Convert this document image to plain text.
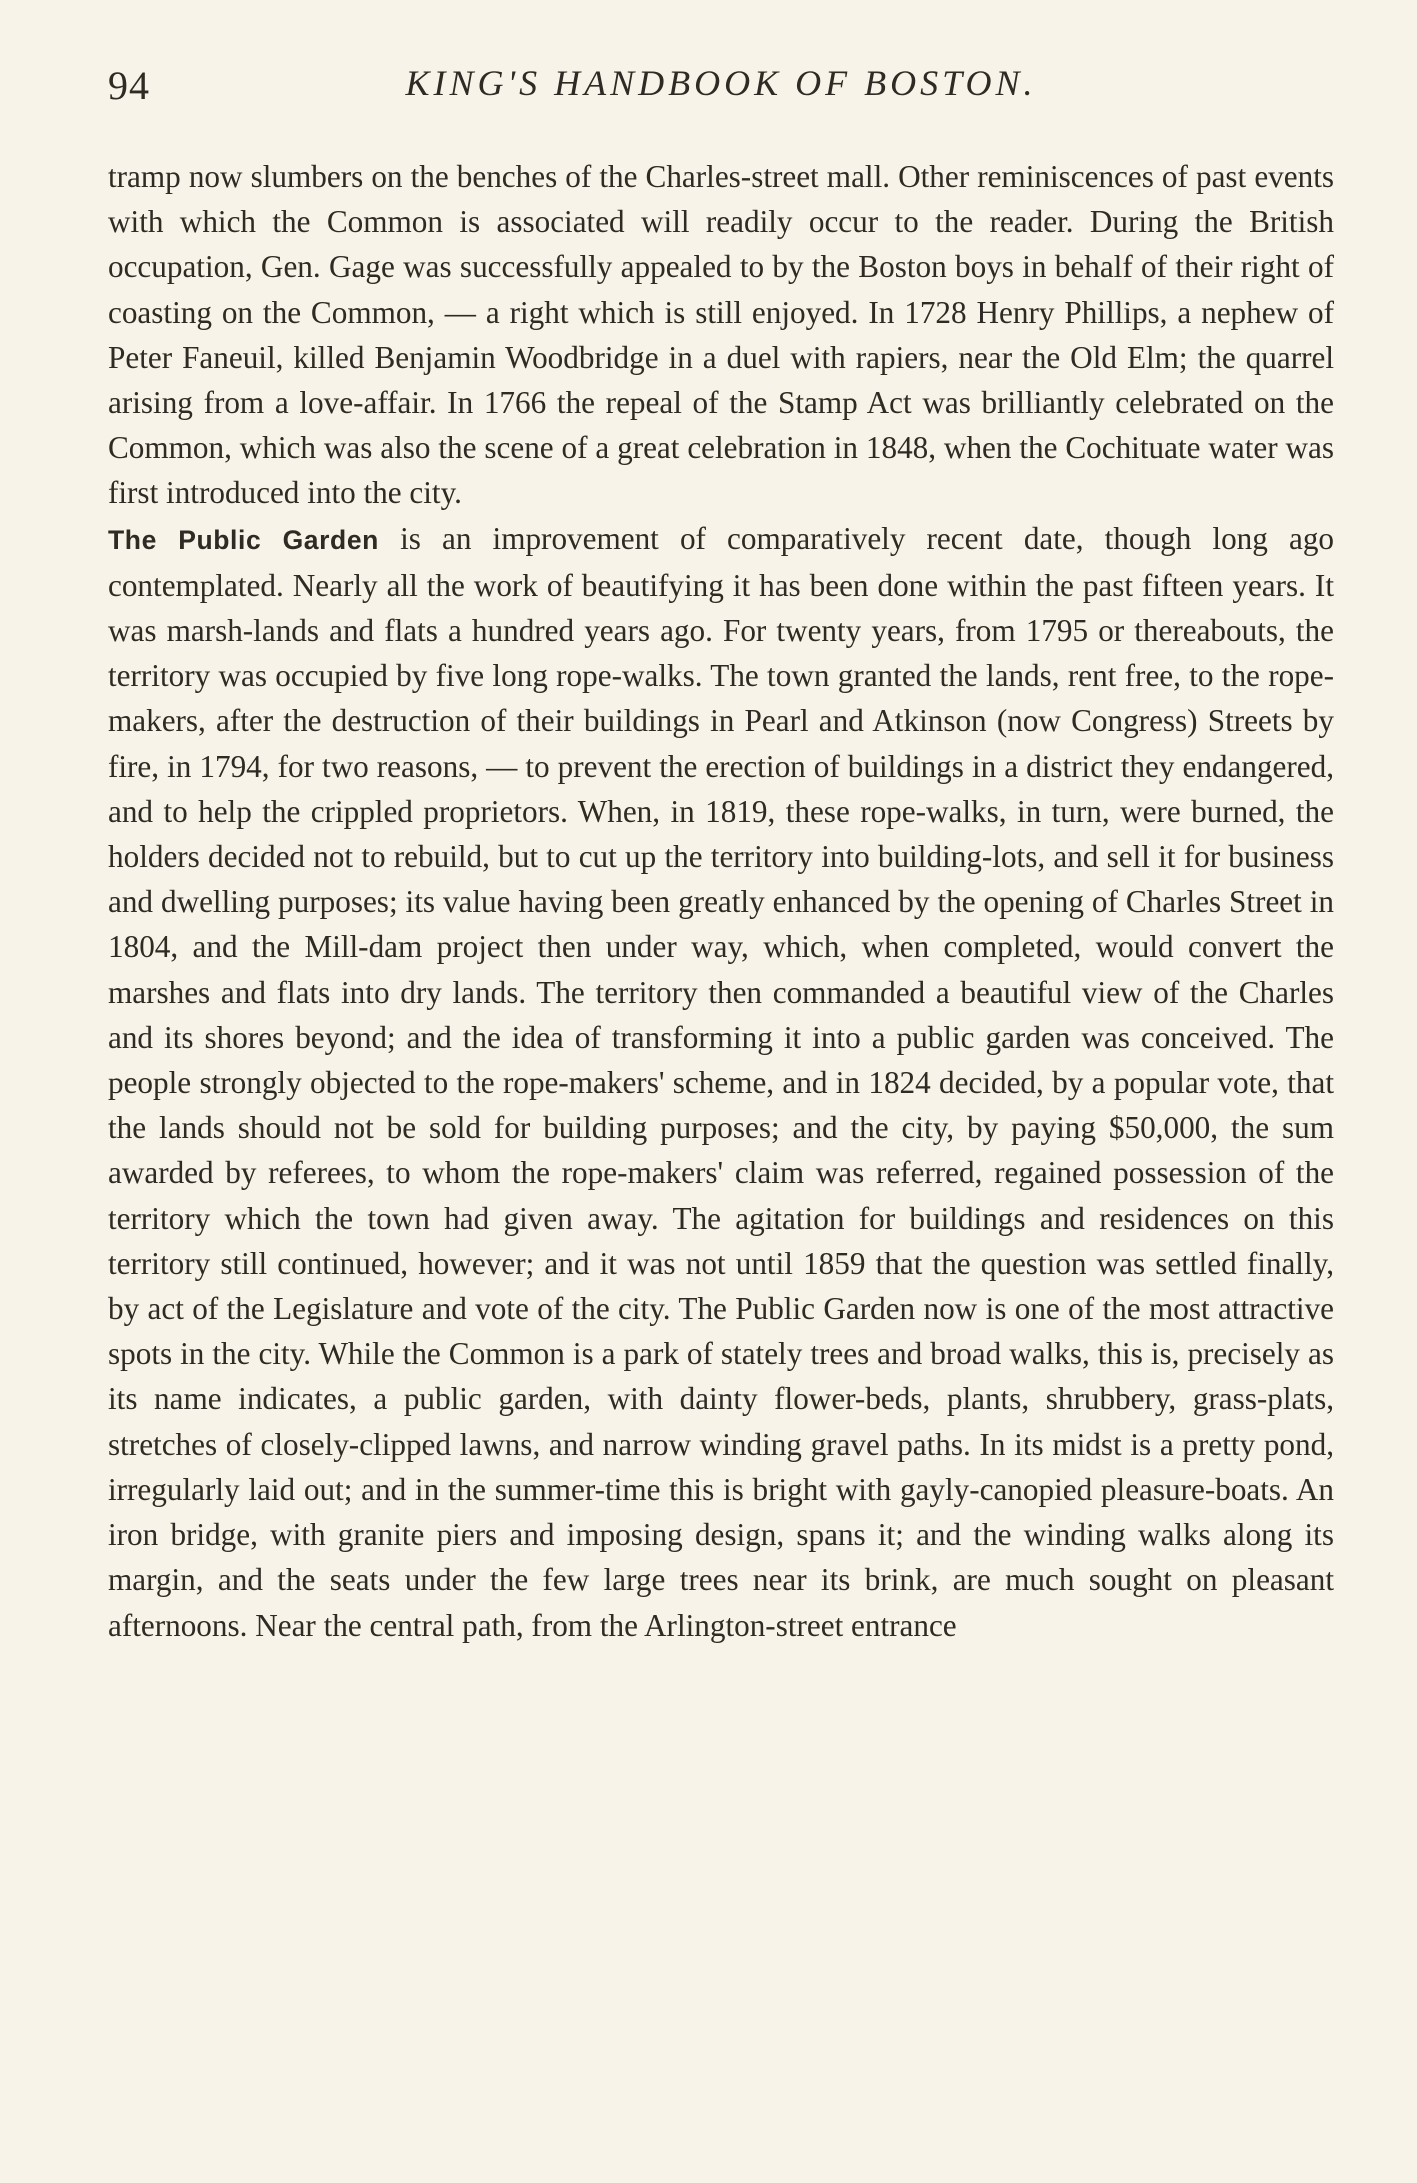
94	KING'S HANDBOOK OF BOSTON.

tramp now slumbers on the benches of the Charles-street mall. Other reminiscences of past events with which the Common is associated will readily occur to the reader. During the British occupation, Gen. Gage was successfully appealed to by the Boston boys in behalf of their right of coasting on the Common, — a right which is still enjoyed. In 1728 Henry Phillips, a nephew of Peter Faneuil, killed Benjamin Woodbridge in a duel with rapiers, near the Old Elm; the quarrel arising from a love-affair. In 1766 the repeal of the Stamp Act was brilliantly celebrated on the Common, which was also the scene of a great celebration in 1848, when the Cochituate water was first introduced into the city.

The Public Garden is an improvement of comparatively recent date, though long ago contemplated. Nearly all the work of beautifying it has been done within the past fifteen years. It was marsh-lands and flats a hundred years ago. For twenty years, from 1795 or thereabouts, the territory was occupied by five long rope-walks. The town granted the lands, rent free, to the rope-makers, after the destruction of their buildings in Pearl and Atkinson (now Congress) Streets by fire, in 1794, for two reasons, — to prevent the erection of buildings in a district they endangered, and to help the crippled proprietors. When, in 1819, these rope-walks, in turn, were burned, the holders decided not to rebuild, but to cut up the territory into building-lots, and sell it for business and dwelling purposes; its value having been greatly enhanced by the opening of Charles Street in 1804, and the Mill-dam project then under way, which, when completed, would convert the marshes and flats into dry lands. The territory then commanded a beautiful view of the Charles and its shores beyond; and the idea of transforming it into a public garden was conceived. The people strongly objected to the rope-makers' scheme, and in 1824 decided, by a popular vote, that the lands should not be sold for building purposes; and the city, by paying $50,000, the sum awarded by referees, to whom the rope-makers' claim was referred, regained possession of the territory which the town had given away. The agitation for buildings and residences on this territory still continued, however; and it was not until 1859 that the question was settled finally, by act of the Legislature and vote of the city. The Public Garden now is one of the most attractive spots in the city. While the Common is a park of stately trees and broad walks, this is, precisely as its name indicates, a public garden, with dainty flower-beds, plants, shrubbery, grass-plats, stretches of closely-clipped lawns, and narrow winding gravel paths. In its midst is a pretty pond, irregularly laid out; and in the summer-time this is bright with gayly-canopied pleasure-boats. An iron bridge, with granite piers and imposing design, spans it; and the winding walks along its margin, and the seats under the few large trees near its brink, are much sought on pleasant afternoons. Near the central path, from the Arlington-street entrance
